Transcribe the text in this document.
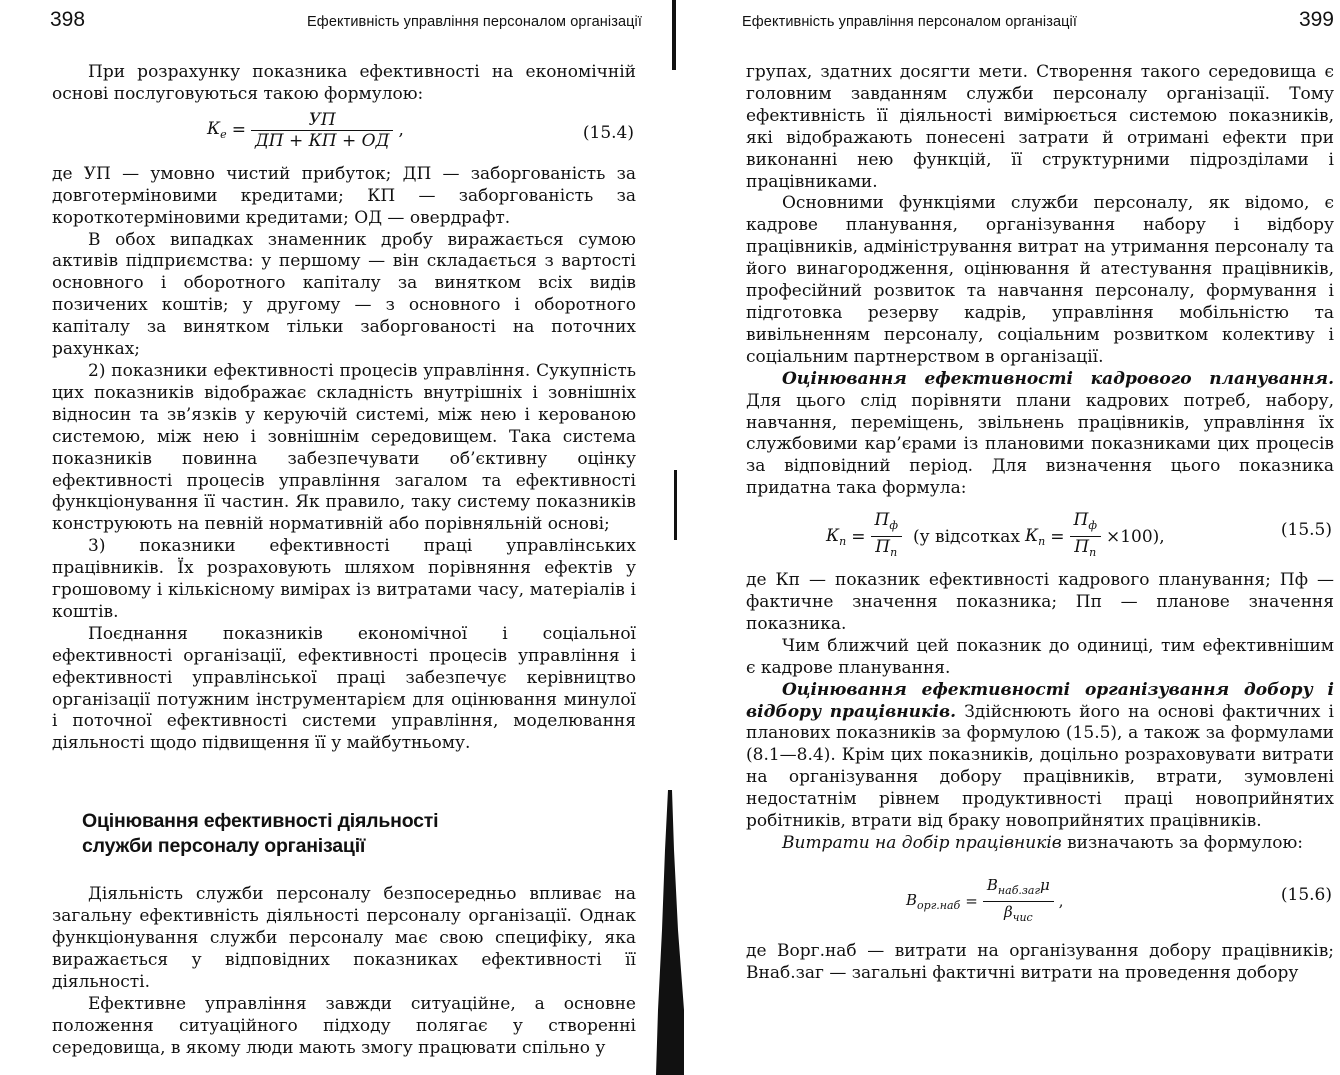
398	Ефективність управління персоналом організації

При розрахунку показника ефективності на економічній основі послуговуються такою формулою:

$К_е = \frac{УП}{ДП + КП + ОД}$ ,	(15.4)

де УП — умовно чистий прибуток; ДП — заборгованість за довготерміновими кредитами; КП — заборгованість за короткотерміновими кредитами; ОД — овердрафт.

В обох випадках знаменник дробу виражається сумою активів підприємства: у першому — він складається з вартості основного і оборотного капіталу за винятком всіх видів позичених коштів; у другому — з основного і оборотного капіталу за винятком тільки заборгованості на поточних рахунках;

2) показники ефективності процесів управління. Сукупність цих показників відображає складність внутрішніх і зовнішніх відносин та зв’язків у керуючій системі, між нею і керованою системою, між нею і зовнішнім середовищем. Така система показників повинна забезпечувати об’єктивну оцінку ефективності процесів управління загалом та ефективності функціонування її частин. Як правило, таку систему показників конструюють на певній нормативній або порівняльній основі;

3) показники ефективності праці управлінських працівників. Їх розраховують шляхом порівняння ефектів у грошовому і кількісному вимірах із витратами часу, матеріалів і коштів.

Поєднання показників економічної і соціальної ефективності організації, ефективності процесів управління і ефективності управлінської праці забезпечує керівництво організації потужним інструментарієм для оцінювання минулої і поточної ефективності системи управління, моделювання діяльності щодо підвищення її у майбутньому.

Оцінювання ефективності діяльності
служби персоналу організації

Діяльність служби персоналу безпосередньо впливає на загальну ефективність діяльності персоналу організації. Однак функціонування служби персоналу має свою специфіку, яка виражається у відповідних показниках ефективності її діяльності.

Ефективне управління завжди ситуаційне, а основне положення ситуаційного підходу полягає у створенні середовища, в якому люди мають змогу працювати спільно у

Ефективність управління персоналом організації	399

групах, здатних досягти мети. Створення такого середовища є головним завданням служби персоналу організації. Тому ефективність її діяльності вимірюється системою показників, які відображають понесені затрати й отримані ефекти при виконанні нею функцій, її структурними підрозділами і працівниками.

Основними функціями служби персоналу, як відомо, є кадрове планування, організування набору і відбору працівників, адміністрування витрат на утримання персоналу та його винагородження, оцінювання й атестування працівників, професійний розвиток та навчання персоналу, формування і підготовка резерву кадрів, управління мобільністю та вивільненням персоналу, соціальним розвитком колективу і соціальним партнерством в організації.

Оцінювання ефективності кадрового планування. Для цього слід порівняти плани кадрових потреб, набору, навчання, переміщень, звільнень працівників, управління їх службовими кар’єрами із плановими показниками цих процесів за відповідний період. Для визначення цього показника придатна така формула:

$К_п = \frac{П_ф}{П_п} (у$ відсотках $К_п = \frac{П_ф}{П_п} \times 100$),	(15.5)

де Кп — показник ефективності кадрового планування; Пф — фактичне значення показника; Пп — планове значення показника.

Чим ближчий цей показник до одиниці, тим ефективнішим є кадрове планування.

Оцінювання ефективності організування добору і відбору працівників. Здійснюють його на основі фактичних і планових показників за формулою (15.5), а також за формулами (8.1—8.4). Крім цих показників, доцільно розраховувати витрати на організування добору працівників, втрати, зумовлені недостатнім рівнем продуктивності праці новоприйнятих робітників, втрати від браку новоприйнятих працівників.

Витрати на добір працівників визначають за формулою:

$В_{орг.наб} = \frac{В_{наб.заг}\mu}{\beta_{чис}}$ ,	(15.6)

де Ворг.наб — витрати на організування добору працівників; Внаб.заг — загальні фактичні витрати на проведення добору
